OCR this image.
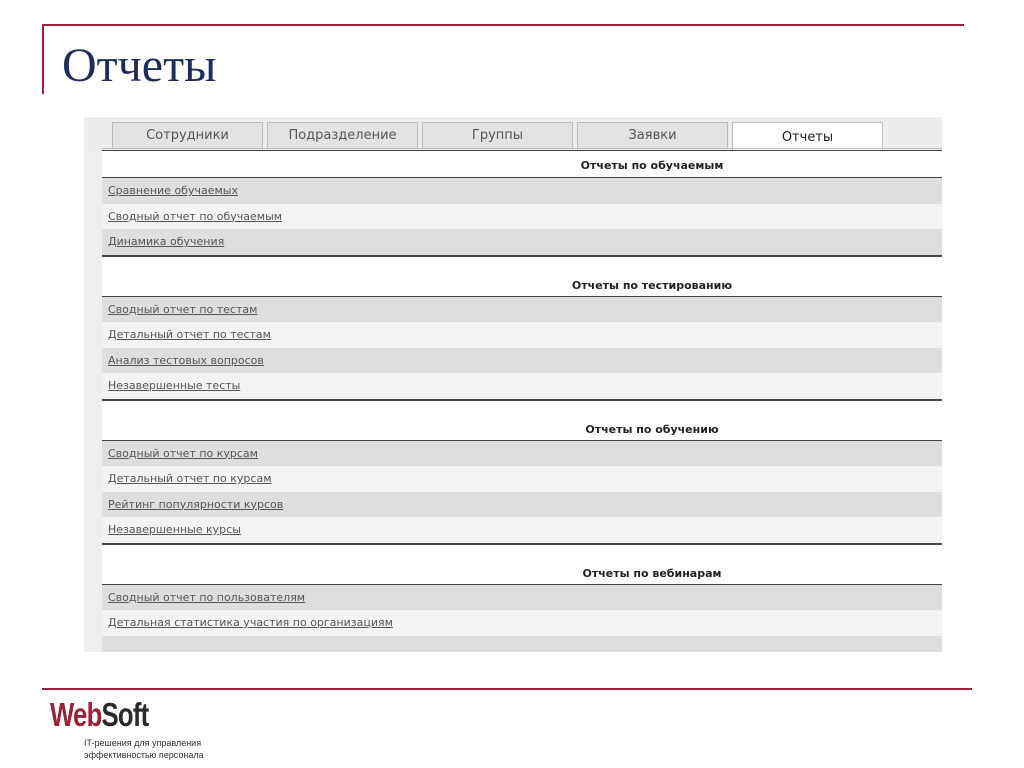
Отчеты
Сотрудники	Подразделение	Группы	Заявки	Отчеты
Отчеты по обучаемым
Сравнение обучаемых
Сводный отчет по обучаемым
Динамика обучения
Отчеты по тестированию
Сводный отчет по тестам
Детальный отчет по тестам
Анализ тестовых вопросов
Незавершенные тесты
Отчеты по обучению
Сводный отчет по курсам
Детальный отчет по курсам
Рейтинг популярности курсов
Незавершенные курсы
Отчеты по вебинарам
Сводный отчет по пользователям
Детальная статистика участия по организациям
WebSoft
IT-решения для управления
эффективностью персонала
